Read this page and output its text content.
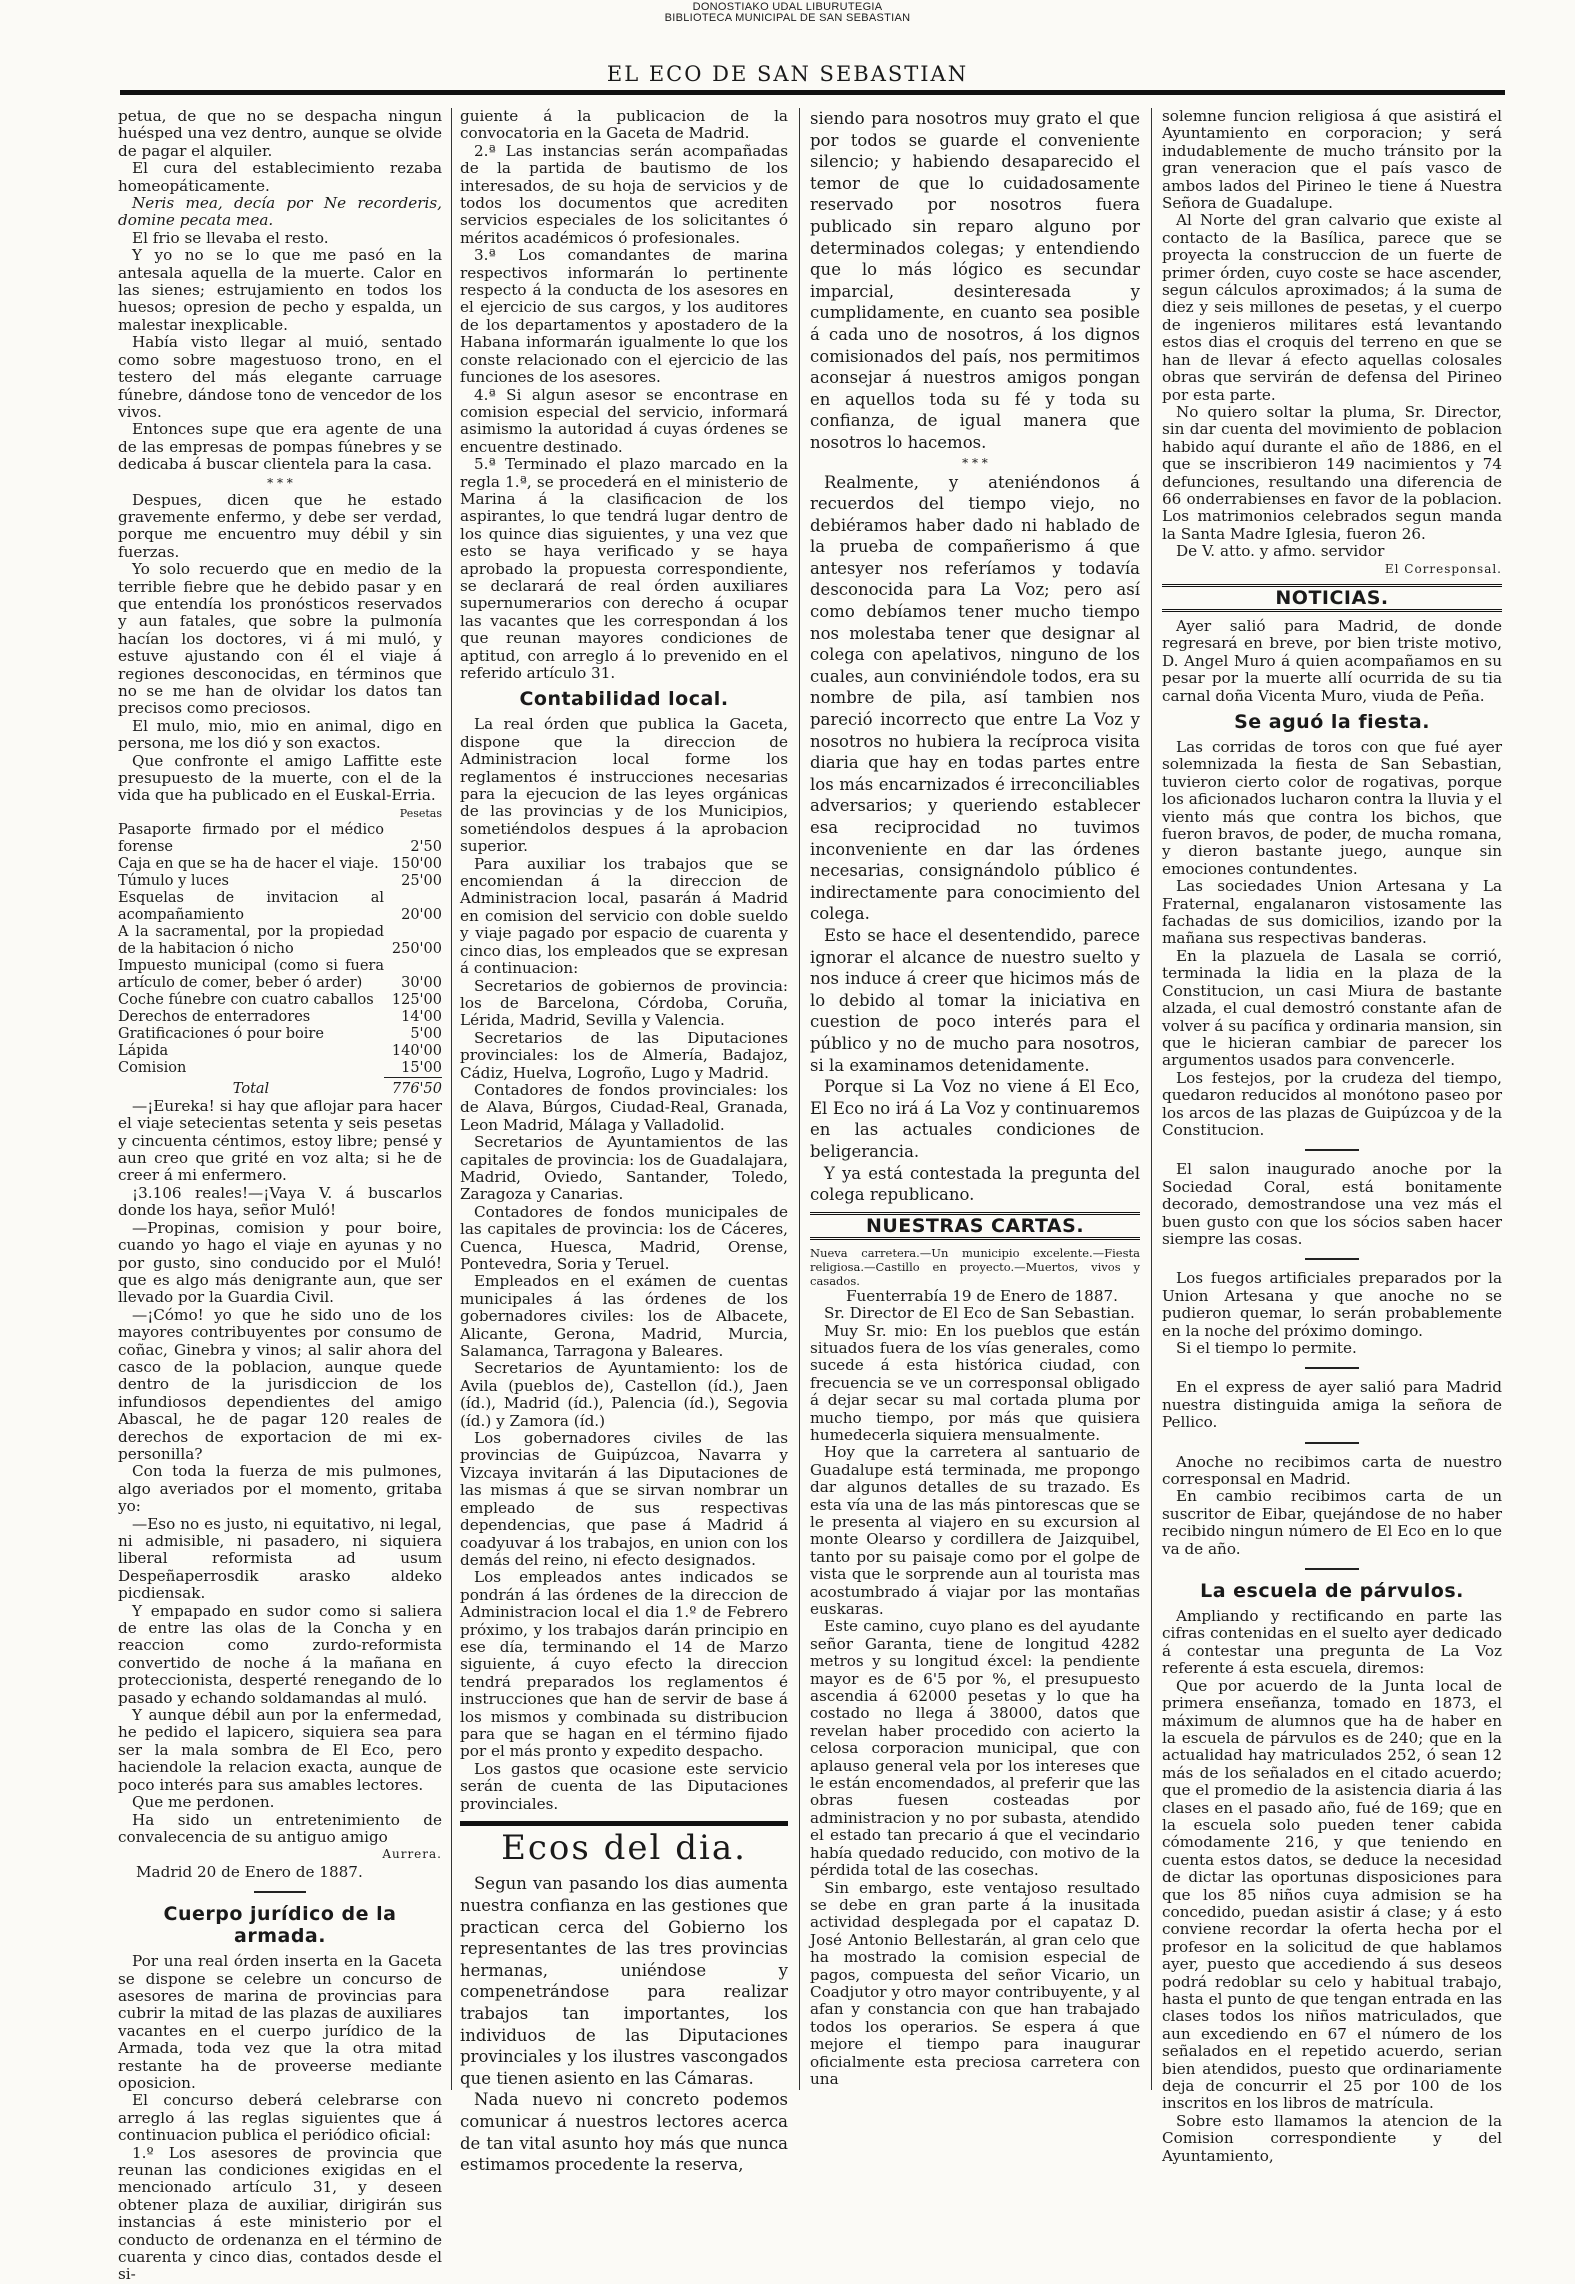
DONOSTIAKO UDAL LIBURUTEGIA
BIBLIOTECA MUNICIPAL DE SAN SEBASTIAN
EL ECO DE SAN SEBASTIAN

petua, de que no se despacha ningun huésped una vez dentro, aunque se olvide de pagar el alquiler.

El cura del establecimiento rezaba homeopáticamente.

Neris mea, decía por Ne recorderis, domine pecata mea.

El frio se llevaba el resto.

Y yo no se lo que me pasó en la antesala aquella de la muerte. Calor en las sienes; estrujamiento en todos los huesos; opresion de pecho y espalda, un malestar inexplicable.

Había visto llegar al muió, sentado como sobre magestuoso trono, en el testero del más elegante carruage fúnebre, dándose tono de vencedor de los vivos.

Entonces supe que era agente de una de las empresas de pompas fúnebres y se dedicaba á buscar clientela para la casa.

* * *

Despues, dicen que he estado gravemente enfermo, y debe ser verdad, porque me encuentro muy débil y sin fuerzas.

Yo solo recuerdo que en medio de la terrible fiebre que he debido pasar y en que entendía los pronósticos reservados y aun fatales, que sobre la pulmonía hacían los doctores, vi á mi muló, y estuve ajustando con él el viaje á regiones desconocidas, en términos que no se me han de olvidar los datos tan precisos como preciosos.

El mulo, mio, mio en animal, digo en persona, me los dió y son exactos.

Que confronte el amigo Laffitte este presupuesto de la muerte, con el de la vida que ha publicado en el Euskal-Erria.

	Pesetas
Pasaporte firmado por el médico forense	2'50
Caja en que se ha de hacer el viaje.	150'00
Túmulo y luces	25'00
Esquelas de invitacion al acompañamiento	20'00
A la sacramental, por la propiedad de la habitacion ó nicho	250'00
Impuesto municipal (como si fuera artículo de comer, beber ó arder)	30'00
Coche fúnebre con cuatro caballos	125'00
Derechos de enterradores	14'00
Gratificaciones ó pour boire	5'00
Lápida	140'00
Comision	15'00
Total	776'50

—¡Eureka! si hay que aflojar para hacer el viaje setecientas setenta y seis pesetas y cincuenta céntimos, estoy libre; pensé y aun creo que grité en voz alta; si he de creer á mi enfermero.

¡3.106 reales!—¡Vaya V. á buscarlos donde los haya, señor Muló!

—Propinas, comision y pour boire, cuando yo hago el viaje en ayunas y no por gusto, sino conducido por el Muló! que es algo más denigrante aun, que ser llevado por la Guardia Civil.

—¡Cómo! yo que he sido uno de los mayores contribuyentes por consumo de coñac, Ginebra y vinos; al salir ahora del casco de la poblacion, aunque quede dentro de la jurisdiccion de los infundiosos dependientes del amigo Abascal, he de pagar 120 reales de derechos de exportacion de mi ex-personilla?

Con toda la fuerza de mis pulmones, algo averiados por el momento, gritaba yo:

—Eso no es justo, ni equitativo, ni legal, ni admisible, ni pasadero, ni siquiera liberal reformista ad usum Despeñaperrosdik arasko aldeko picdiensak.

Y empapado en sudor como si saliera de entre las olas de la Concha y en reaccion como zurdo-reformista convertido de noche á la mañana en proteccionista, desperté renegando de lo pasado y echando soldamandas al muló.

Y aunque débil aun por la enfermedad, he pedido el lapicero, siquiera sea para ser la mala sombra de El Eco, pero haciendole la relacion exacta, aunque de poco interés para sus amables lectores.

Que me perdonen.

Ha sido un entretenimiento de convalecencia de su antiguo amigo

Aurrera.

Madrid 20 de Enero de 1887.

Cuerpo jurídico de la armada.

Por una real órden inserta en la Gaceta se dispone se celebre un concurso de asesores de marina de provincias para cubrir la mitad de las plazas de auxiliares vacantes en el cuerpo jurídico de la Armada, toda vez que la otra mitad restante ha de proveerse mediante oposicion.

El concurso deberá celebrarse con arreglo á las reglas siguientes que á continuacion publica el periódico oficial:

1.º Los asesores de provincia que reunan las condiciones exigidas en el mencionado artículo 31, y deseen obtener plaza de auxiliar, dirigirán sus instancias á este ministerio por el conducto de ordenanza en el término de cuarenta y cinco dias, contados desde el si-

guiente á la publicacion de la convocatoria en la Gaceta de Madrid.

2.ª Las instancias serán acompañadas de la partida de bautismo de los interesados, de su hoja de servicios y de todos los documentos que acrediten servicios especiales de los solicitantes ó méritos académicos ó profesionales.

3.ª Los comandantes de marina respectivos informarán lo pertinente respecto á la conducta de los asesores en el ejercicio de sus cargos, y los auditores de los departamentos y apostadero de la Habana informarán igualmente lo que los conste relacionado con el ejercicio de las funciones de los asesores.

4.ª Si algun asesor se encontrase en comision especial del servicio, informará asimismo la autoridad á cuyas órdenes se encuentre destinado.

5.ª Terminado el plazo marcado en la regla 1.ª, se procederá en el ministerio de Marina á la clasificacion de los aspirantes, lo que tendrá lugar dentro de los quince dias siguientes, y una vez que esto se haya verificado y se haya aprobado la propuesta correspondiente, se declarará de real órden auxiliares supernumerarios con derecho á ocupar las vacantes que les correspondan á los que reunan mayores condiciones de aptitud, con arreglo á lo prevenido en el referido artículo 31.

Contabilidad local.

La real órden que publica la Gaceta, dispone que la direccion de Administracion local forme los reglamentos é instrucciones necesarias para la ejecucion de las leyes orgánicas de las provincias y de los Municipios, sometiéndolos despues á la aprobacion superior.

Para auxiliar los trabajos que se encomiendan á la direccion de Administracion local, pasarán á Madrid en comision del servicio con doble sueldo y viaje pagado por espacio de cuarenta y cinco dias, los empleados que se expresan á continuacion:

Secretarios de gobiernos de provincia: los de Barcelona, Córdoba, Coruña, Lérida, Madrid, Sevilla y Valencia.

Secretarios de las Diputaciones provinciales: los de Almería, Badajoz, Cádiz, Huelva, Logroño, Lugo y Madrid.

Contadores de fondos provinciales: los de Alava, Búrgos, Ciudad-Real, Granada, Leon Madrid, Málaga y Valladolid.

Secretarios de Ayuntamientos de las capitales de provincia: los de Guadalajara, Madrid, Oviedo, Santander, Toledo, Zaragoza y Canarias.

Contadores de fondos municipales de las capitales de provincia: los de Cáceres, Cuenca, Huesca, Madrid, Orense, Pontevedra, Soria y Teruel.

Empleados en el exámen de cuentas municipales á las órdenes de los gobernadores civiles: los de Albacete, Alicante, Gerona, Madrid, Murcia, Salamanca, Tarragona y Baleares.

Secretarios de Ayuntamiento: los de Avila (pueblos de), Castellon (íd.), Jaen (íd.), Madrid (íd.), Palencia (íd.), Segovia (íd.) y Zamora (íd.)

Los gobernadores civiles de las provincias de Guipúzcoa, Navarra y Vizcaya invitarán á las Diputaciones de las mismas á que se sirvan nombrar un empleado de sus respectivas dependencias, que pase á Madrid á coadyuvar á los trabajos, en union con los demás del reino, ni efecto designados.

Los empleados antes indicados se pondrán á las órdenes de la direccion de Administracion local el dia 1.º de Febrero próximo, y los trabajos darán principio en ese día, terminando el 14 de Marzo siguiente, á cuyo efecto la direccion tendrá preparados los reglamentos é instrucciones que han de servir de base á los mismos y combinada su distribucion para que se hagan en el término fijado por el más pronto y expedito despacho.

Los gastos que ocasione este servicio serán de cuenta de las Diputaciones provinciales.

Ecos del dia.

Segun van pasando los dias aumenta nuestra confianza en las gestiones que practican cerca del Gobierno los representantes de las tres provincias hermanas, uniéndose y compenetrándose para realizar trabajos tan importantes, los individuos de las Diputaciones provinciales y los ilustres vascongados que tienen asiento en las Cámaras.

Nada nuevo ni concreto podemos comunicar á nuestros lectores acerca de tan vital asunto hoy más que nunca estimamos procedente la reserva,

siendo para nosotros muy grato el que por todos se guarde el conveniente silencio; y habiendo desaparecido el temor de que lo cuidadosamente reservado por nosotros fuera publicado sin reparo alguno por determinados colegas; y entendiendo que lo más lógico es secundar imparcial, desinteresada y cumplidamente, en cuanto sea posible á cada uno de nosotros, á los dignos comisionados del país, nos permitimos aconsejar á nuestros amigos pongan en aquellos toda su fé y toda su confianza, de igual manera que nosotros lo hacemos.

* * *

Realmente, y ateniéndonos á recuerdos del tiempo viejo, no debiéramos haber dado ni hablado de la prueba de compañerismo á que antesyer nos referíamos y todavía desconocida para La Voz; pero así como debíamos tener mucho tiempo nos molestaba tener que designar al colega con apelativos, ninguno de los cuales, aun conviniéndole todos, era su nombre de pila, así tambien nos pareció incorrecto que entre La Voz y nosotros no hubiera la recíproca visita diaria que hay en todas partes entre los más encarnizados é irreconciliables adversarios; y queriendo establecer esa reciprocidad no tuvimos inconveniente en dar las órdenes necesarias, consignándolo público é indirectamente para conocimiento del colega.

Esto se hace el desentendido, parece ignorar el alcance de nuestro suelto y nos induce á creer que hicimos más de lo debido al tomar la iniciativa en cuestion de poco interés para el público y no de mucho para nosotros, si la examinamos detenidamente.

Porque si La Voz no viene á El Eco, El Eco no irá á La Voz y continuaremos en las actuales condiciones de beligerancia.

Y ya está contestada la pregunta del colega republicano.

NUESTRAS CARTAS.

Nueva carretera.—Un municipio excelente.—Fiesta religiosa.—Castillo en proyecto.—Muertos, vivos y casados.

Fuenterrabía 19 de Enero de 1887.

Sr. Director de El Eco de San Sebastian.

Muy Sr. mio: En los pueblos que están situados fuera de los vías generales, como sucede á esta histórica ciudad, con frecuencia se ve un corresponsal obligado á dejar secar su mal cortada pluma por mucho tiempo, por más que quisiera humedecerla siquiera mensualmente.

Hoy que la carretera al santuario de Guadalupe está terminada, me propongo dar algunos detalles de su trazado. Es esta vía una de las más pintorescas que se le presenta al viajero en su excursion al monte Olearso y cordillera de Jaizquibel, tanto por su paisaje como por el golpe de vista que le sorprende aun al tourista mas acostumbrado á viajar por las montañas euskaras.

Este camino, cuyo plano es del ayudante señor Garanta, tiene de longitud 4282 metros y su longitud éxcel: la pendiente mayor es de 6'5 por %, el presupuesto ascendia á 62000 pesetas y lo que ha costado no llega á 38000, datos que revelan haber procedido con acierto la celosa corporacion municipal, que con aplauso general vela por los intereses que le están encomendados, al preferir que las obras fuesen costeadas por administracion y no por subasta, atendido el estado tan precario á que el vecindario había quedado reducido, con motivo de la pérdida total de las cosechas.

Sin embargo, este ventajoso resultado se debe en gran parte á la inusitada actividad desplegada por el capataz D. José Antonio Bellestarán, al gran celo que ha mostrado la comision especial de pagos, compuesta del señor Vicario, un Coadjutor y otro mayor contribuyente, y al afan y constancia con que han trabajado todos los operarios. Se espera á que mejore el tiempo para inaugurar oficialmente esta preciosa carretera con una

solemne funcion religiosa á que asistirá el Ayuntamiento en corporacion; y será indudablemente de mucho tránsito por la gran veneracion que el país vasco de ambos lados del Pirineo le tiene á Nuestra Señora de Guadalupe.

Al Norte del gran calvario que existe al contacto de la Basílica, parece que se proyecta la construccion de un fuerte de primer órden, cuyo coste se hace ascender, segun cálculos aproximados; á la suma de diez y seis millones de pesetas, y el cuerpo de ingenieros militares está levantando estos dias el croquis del terreno en que se han de llevar á efecto aquellas colosales obras que servirán de defensa del Pirineo por esta parte.

No quiero soltar la pluma, Sr. Director, sin dar cuenta del movimiento de poblacion habido aquí durante el año de 1886, en el que se inscribieron 149 nacimientos y 74 defunciones, resultando una diferencia de 66 onderrabienses en favor de la poblacion. Los matrimonios celebrados segun manda la Santa Madre Iglesia, fueron 26.

De V. atto. y afmo. servidor

El Corresponsal.

NOTICIAS.

Ayer salió para Madrid, de donde regresará en breve, por bien triste motivo, D. Angel Muro á quien acompañamos en su pesar por la muerte allí ocurrida de su tia carnal doña Vicenta Muro, viuda de Peña.

Se aguó la fiesta.

Las corridas de toros con que fué ayer solemnizada la fiesta de San Sebastian, tuvieron cierto color de rogativas, porque los aficionados lucharon contra la lluvia y el viento más que contra los bichos, que fueron bravos, de poder, de mucha romana, y dieron bastante juego, aunque sin emociones contundentes.

Las sociedades Union Artesana y La Fraternal, engalanaron vistosamente las fachadas de sus domicilios, izando por la mañana sus respectivas banderas.

En la plazuela de Lasala se corrió, terminada la lidia en la plaza de la Constitucion, un casi Miura de bastante alzada, el cual demostró constante afan de volver á su pacífica y ordinaria mansion, sin que le hicieran cambiar de parecer los argumentos usados para convencerle.

Los festejos, por la crudeza del tiempo, quedaron reducidos al monótono paseo por los arcos de las plazas de Guipúzcoa y de la Constitucion.

El salon inaugurado anoche por la Sociedad Coral, está bonitamente decorado, demostrandose una vez más el buen gusto con que los sócios saben hacer siempre las cosas.

Los fuegos artificiales preparados por la Union Artesana y que anoche no se pudieron quemar, lo serán probablemente en la noche del próximo domingo.

Si el tiempo lo permite.

En el express de ayer salió para Madrid nuestra distinguida amiga la señora de Pellico.

Anoche no recibimos carta de nuestro corresponsal en Madrid.

En cambio recibimos carta de un suscritor de Eibar, quejándose de no haber recibido ningun número de El Eco en lo que va de año.

La escuela de párvulos.

Ampliando y rectificando en parte las cifras contenidas en el suelto ayer dedicado á contestar una pregunta de La Voz referente á esta escuela, diremos:

Que por acuerdo de la Junta local de primera enseñanza, tomado en 1873, el máximum de alumnos que ha de haber en la escuela de párvulos es de 240; que en la actualidad hay matriculados 252, ó sean 12 más de los señalados en el citado acuerdo; que el promedio de la asistencia diaria á las clases en el pasado año, fué de 169; que en la escuela solo pueden tener cabida cómodamente 216, y que teniendo en cuenta estos datos, se deduce la necesidad de dictar las oportunas disposiciones para que los 85 niños cuya admision se ha concedido, puedan asistir á clase; y á esto conviene recordar la oferta hecha por el profesor en la solicitud de que hablamos ayer, puesto que accediendo á sus deseos podrá redoblar su celo y habitual trabajo, hasta el punto de que tengan entrada en las clases todos los niños matriculados, que aun excediendo en 67 el número de los señalados en el repetido acuerdo, serian bien atendidos, puesto que ordinariamente deja de concurrir el 25 por 100 de los inscritos en los libros de matrícula.

Sobre esto llamamos la atencion de la Comision correspondiente y del Ayuntamiento,
